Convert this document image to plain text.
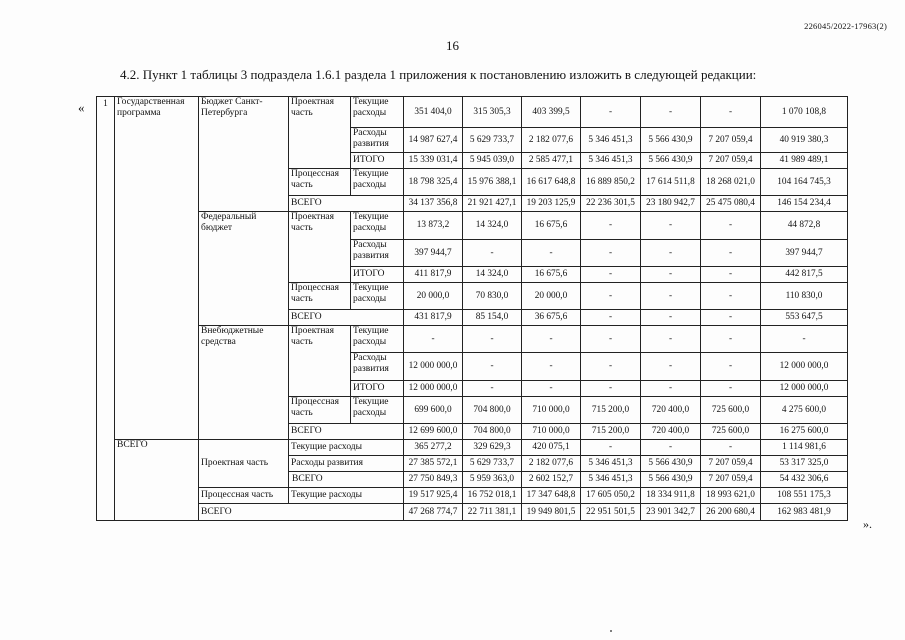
226045/2022-17963(2)
16
4.2. Пункт 1 таблицы 3 подраздела 1.6.1 раздела 1 приложения к постановлению изложить в следующей редакции:
«
».
1	Государственная программа	Бюджет Санкт-Петербурга	Проектная часть	Текущие расходы	351 404,0	315 305,3	403 399,5	-	-	-	1 070 108,8
				Расходы развития	14 987 627,4	5 629 733,7	2 182 077,6	5 346 451,3	5 566 430,9	7 207 059,4	40 919 380,3
				ИТОГО	15 339 031,4	5 945 039,0	2 585 477,1	5 346 451,3	5 566 430,9	7 207 059,4	41 989 489,1
			Процессная часть	Текущие расходы	18 798 325,4	15 976 388,1	16 617 648,8	16 889 850,2	17 614 511,8	18 268 021,0	104 164 745,3
			ВСЕГО		34 137 356,8	21 921 427,1	19 203 125,9	22 236 301,5	23 180 942,7	25 475 080,4	146 154 234,4
		Федеральный бюджет	Проектная часть	Текущие расходы	13 873,2	14 324,0	16 675,6	-	-	-	44 872,8
				Расходы развития	397 944,7	-	-	-	-	-	397 944,7
				ИТОГО	411 817,9	14 324,0	16 675,6	-	-	-	442 817,5
			Процессная часть	Текущие расходы	20 000,0	70 830,0	20 000,0	-	-	-	110 830,0
			ВСЕГО		431 817,9	85 154,0	36 675,6	-	-	-	553 647,5
		Внебюджетные средства	Проектная часть	Текущие расходы	-	-	-	-	-	-	-
				Расходы развития	12 000 000,0	-	-	-	-	-	12 000 000,0
				ИТОГО	12 000 000,0	-	-	-	-	-	12 000 000,0
			Процессная часть	Текущие расходы	699 600,0	704 800,0	710 000,0	715 200,0	720 400,0	725 600,0	4 275 600,0
			ВСЕГО		12 699 600,0	704 800,0	710 000,0	715 200,0	720 400,0	725 600,0	16 275 600,0
	ВСЕГО	Проектная часть	Текущие расходы		365 277,2	329 629,3	420 075,1	-	-	-	1 114 981,6
			Расходы развития		27 385 572,1	5 629 733,7	2 182 077,6	5 346 451,3	5 566 430,9	7 207 059,4	53 317 325,0
			ВСЕГО		27 750 849,3	5 959 363,0	2 602 152,7	5 346 451,3	5 566 430,9	7 207 059,4	54 432 306,6
		Процессная часть	Текущие расходы		19 517 925,4	16 752 018,1	17 347 648,8	17 605 050,2	18 334 911,8	18 993 621,0	108 551 175,3
		ВСЕГО			47 268 774,7	22 711 381,1	19 949 801,5	22 951 501,5	23 901 342,7	26 200 680,4	162 983 481,9
